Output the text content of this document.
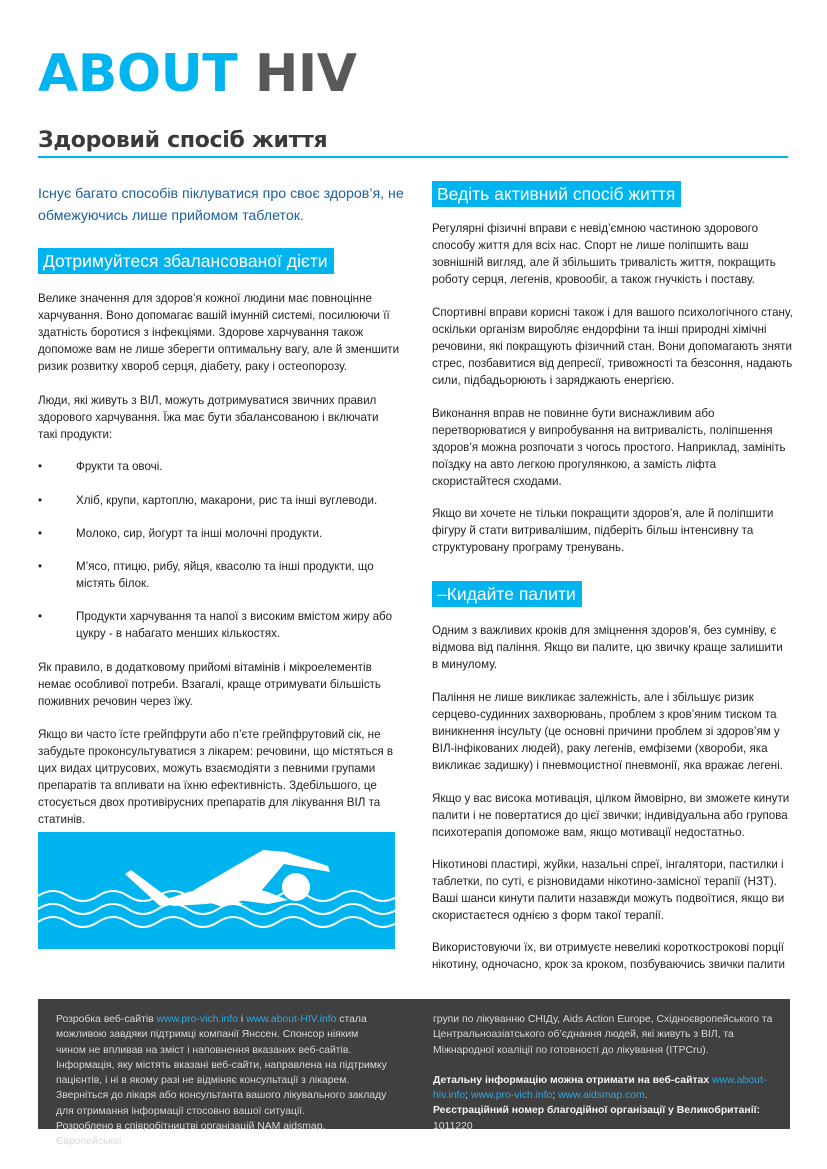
ABOUT HIV
Здоровий спосіб життя
Існує багато способів піклуватися про своє здоров’я, не обмежуючись лише прийомом таблеток.
Дотримуйтеся збалансованої дієти

Велике значення для здоров’я кожної людини має повноцінне харчування. Воно допомагає вашій імунній системі, посилюючи її здатність боротися з інфекціями. Здорове харчування також допоможе вам не лише зберегти оптимальну вагу, але й зменшити ризик розвитку хвороб серця, діабету, раку і остеопорозу.

Люди, які живуть з ВІЛ, можуть дотримуватися звичних правил здорового харчування. Їжа має бути збалансованою і включати такі продукти:

•	Фрукти та овочі.
•	Хліб, крупи, картоплю, макарони, рис та інші вуглеводи.
•	Молоко, сир, йогурт та інші молочні продукти.
•	М’ясо, птицю, рибу, яйця, квасолю та інші продукти, що містять білок.
•	Продукти харчування та напої з високим вмістом жиру або цукру - в набагато менших кількостях.

Як правило, в додатковому прийомі вітамінів і мікроелементів немає особливої потреби. Взагалі, краще отримувати більшість поживних речовин через їжу.

Якщо ви часто їсте грейпфрути або п’єте грейпфрутовий сік, не забудьте проконсультуватися з лікарем: речовини, що містяться в цих видах цитрусових, можуть взаємодіяти з певними групами препаратів та впливати на їхню ефективність. Здебільшого, це стосується двох противірусних препаратів для лікування ВІЛ та статинів.

Ведіть активний спосіб життя

Регулярні фізичні вправи є невід’ємною частиною здорового способу життя для всіх нас. Спорт не лише поліпшить ваш зовнішній вигляд, але й збільшить тривалість життя, покращить роботу серця, легенів, кровообіг, а також гнучкість і поставу.

Спортивні вправи корисні також і для вашого психологічного стану, оскільки організм виробляє ендорфіни та інші природні хімічні речовини, які покращують фізичний стан. Вони допомагають зняти стрес, позбавитися від депресії, тривожності та безсоння, надають сили, підбадьорюють і заряджають енергією.

Виконання вправ не повинне бути виснажливим або перетворюватися у випробування на витривалість, поліпшення здоров’я можна розпочати з чогось простого. Наприклад, замініть поїздку на авто легкою прогулянкою, а замість ліфта скористайтеся сходами.

Якщо ви хочете не тільки покращити здоров’я, але й поліпшити фігуру й стати витривалішим, підберіть більш інтенсивну та структуровану програму тренувань.

–Кидайте палити

Одним з важливих кроків для зміцнення здоров’я, без сумніву, є відмова від паління. Якщо ви палите, цю звичку краще залишити в минулому.

Паління не лише викликає залежність, але і збільшує ризик серцево-судинних захворювань, проблем з кров’яним тиском та виникнення інсульту (це основні причини проблем зі здоров’ям у ВІЛ-інфікованих людей), раку легенів, емфіземи (хвороби, яка викликає задишку) і пневмоцистної пневмонії, яка вражає легені.

Якщо у вас висока мотивація, цілком ймовірно, ви зможете кинути палити і не повертатися до цієї звички; індивідуальна або групова психотерапія допоможе вам, якщо мотивації недостатньо.

Нікотинові пластирі, жуйки, назальні спреї, інгалятори, пастилки і таблетки, по суті, є різновидами нікотино-замісної терапії (НЗТ). Ваші шанси кинути палити назавжди можуть подвоїтися, якщо ви скористаєтеся однією з форм такої терапії.

Використовуючи їх, ви отримуєте невеликі короткострокові порції нікотину, одночасно, крок за кроком, позбуваючись звички палити

Розробка веб-сайтів www.pro-vich.info і www.about-HIV.info стала можливою завдяки підтримці компанії Янссен. Спонсор ніяким чином не впливав на зміст і наповнення вказаних веб-сайтів. Інформація, яку містять вказані веб-сайти, направлена на підтримку пацієнтів, і ні в якому разі не відміняє консультації з лікарем. Зверніться до лікаря або консультанта вашого лікувального закладу для отримання інформації стосовно вашої ситуації.
Розроблено в співробітництві організацій NAM aidsmap, Європейської
групи по лікуванню СНІДу, Aids Action Europe, Східноєвропейського та Центральноазіатського об’єднання людей, які живуть з ВІЛ, та Міжнародної коаліції по готовності до лікування (ITPCru).
Детальну інформацію можна отримати на веб-сайтах www.about-hiv.info; www.pro-vich.info; www.aidsmap.com.
Реєстраційний номер благодійної організації у Великобританії:
1011220
